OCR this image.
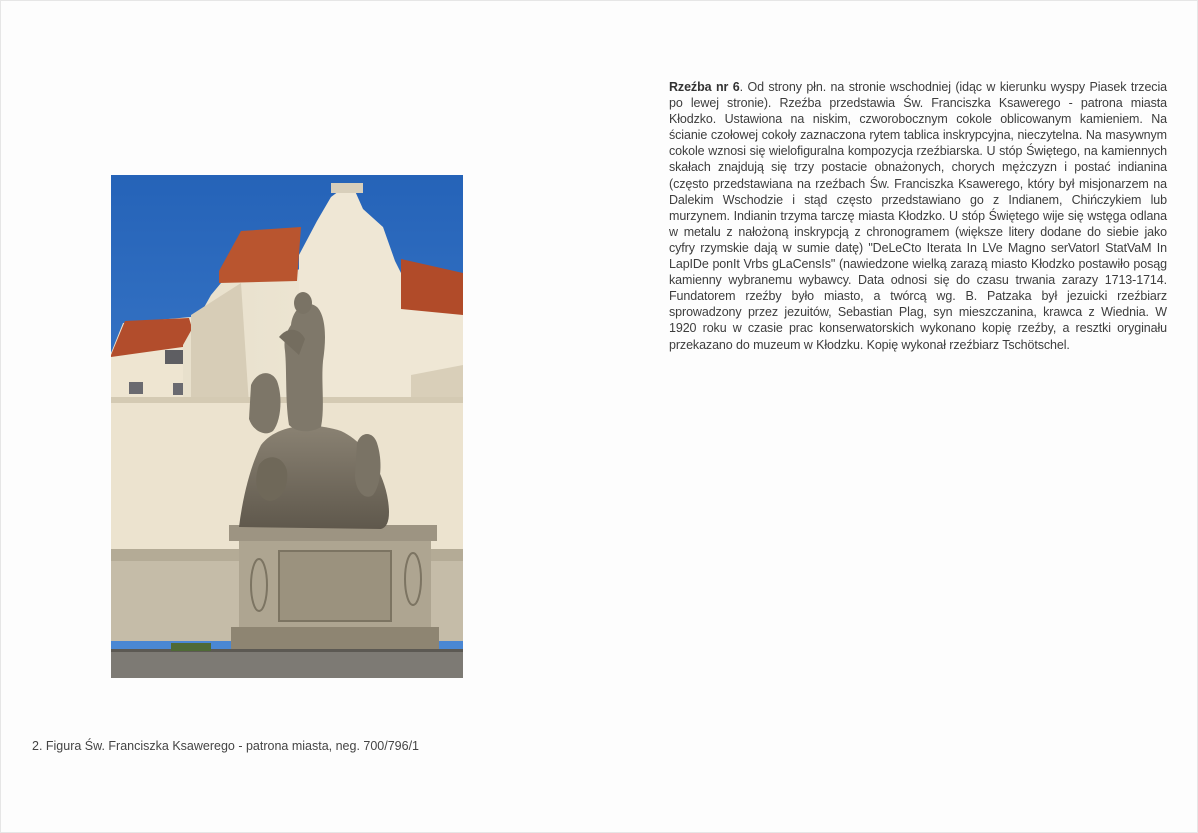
Rzeźba nr 6. Od strony płn. na stronie wschodniej (idąc w kierunku wyspy Piasek trzecia po lewej stronie). Rzeźba przedstawia Św. Franciszka Ksawerego - patrona miasta Kłodzko. Ustawiona na niskim, czworobocznym cokole oblicowanym kamieniem. Na ścianie czołowej cokoły zaznaczona rytem tablica inskrypcyjna, nieczytelna. Na masywnym cokole wznosi się wielofiguralna kompozycja rzeźbiarska. U stóp Świętego, na kamiennych skałach znajdują się trzy postacie obnażonych, chorych mężczyzn i postać indianina (często przedstawiana na rzeźbach Św. Franciszka Ksawerego, który był misjonarzem na Dalekim Wschodzie i stąd często przedstawiano go z Indianem, Chińczykiem lub murzynem. Indianin trzyma tarczę miasta Kłodzko. U stóp Świętego wije się wstęga odlana w metalu z nałożoną inskrypcją z chronogramem (większe litery dodane do siebie jako cyfry rzymskie dają w sumie datę) "DeLeCto Iterata In LVe Magno serVatorI StatVaM In LapIDe ponIt Vrbs gLaCensIs" (nawiedzone wielką zarazą miasto Kłodzko postawiło posąg kamienny wybranemu wybawcy. Data odnosi się do czasu trwania zarazy 1713-1714. Fundatorem rzeźby było miasto, a twórcą wg. B. Patzaka był jezuicki rzeźbiarz sprowadzony przez jezuitów, Sebastian Plag, syn mieszczanina, krawca z Wiednia. W 1920 roku w czasie prac konserwatorskich wykonano kopię rzeźby, a resztki oryginału przekazano do muzeum w Kłodzku. Kopię wykonał rzeźbiarz Tschötschel.
2. Figura Św. Franciszka Ksawerego - patrona miasta, neg. 700/796/1
